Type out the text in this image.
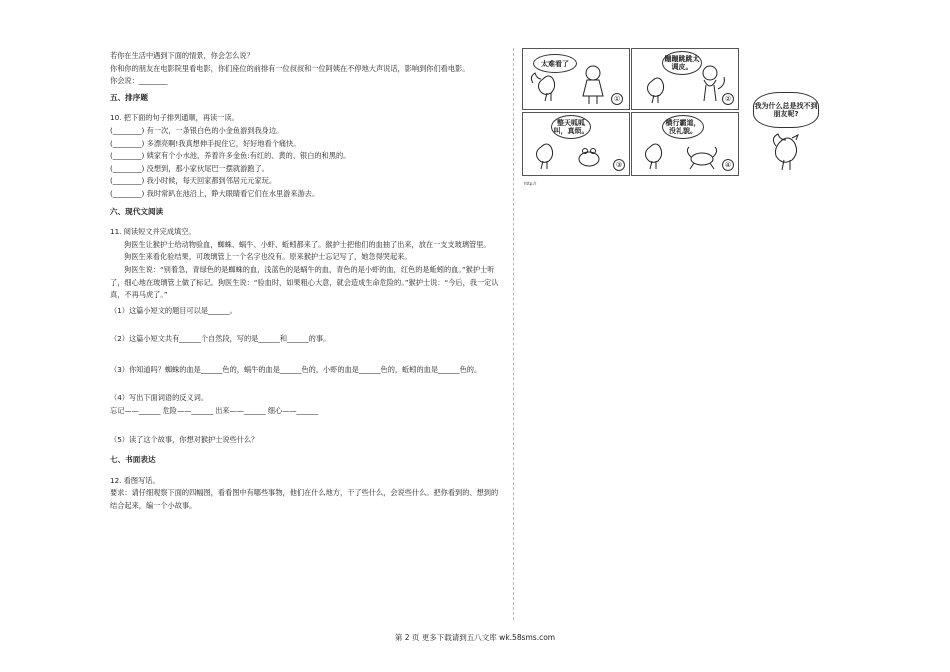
若你在生活中遇到下面的情景，你会怎么说？

你和你的朋友在电影院里看电影，你们座位的前排有一位叔叔和一位阿姨在不停地大声说话，影响到你们看电影。

你会说：________

五、排序题

10. 把下面的句子排列通顺，再读一读。

(________) 有一次，一条银白色的小金鱼游到我身边。

(________) 多漂亮啊!我真想伸手捉住它，好好地看个痛快。

(________) 姨家有个小水池，养着许多金鱼:有红的、黄的、银白的和黑的。

(________) 没想到，那小家伙尾巴一摆就游跑了。

(________) 我小时候，每天回家都到邻居元元家玩。

(________) 我时常趴在池沿上，睁大眼睛看它们在水里游来游去。

六、现代文阅读

11. 阅读短文并完成填空。

狗医生让猴护士给动物验血，蜘蛛、蜗牛、小虾、蚯蚓都来了。猴护士把他们的血抽了出来，放在一支支玻璃管里。

狗医生来看化验结果，可玻璃管上一个名字也没有。原来猴护士忘记写了，她急得哭起来。

狗医生说：“别着急，青绿色的是蜘蛛的血，浅蓝色的是蜗牛的血，青色的是小虾的血，红色的是蚯蚓的血。”猴护士听了，细心地在玻璃管上做了标记。狗医生说：“验血时，如果粗心大意，就会造成生命危险的。”猴护士说：“今后，我一定认真，不再马虎了。”

（1）这篇小短文的题目可以是______。

（2）这篇小短文共有______个自然段，写的是______和______的事。

（3）你知道吗？蜘蛛的血是______色的，蜗牛的血是______色的，小虾的血是______色的，蚯蚓的血是______色的。

（4）写出下面词语的反义词。

忘记——______ 危险——______ 出来——______ 细心——______

（5）读了这个故事，你想对猴护士说些什么？

七、书面表达

12. 看图写话。

要求：请仔细观察下面的四幅图，看看图中有哪些事物，他们在什么地方，干了些什么，会说些什么。把你看到的、想到的结合起来，编一个小故事。

太难看了
①
蹦蹦跳跳太调皮。
②
整天呱呱叫，真烦。
③
横行霸道，没礼貌。
④
我为什么总是找不到朋友呢?
http://
第 2 页 更多下载请到五八文库 wk.58sms.com
